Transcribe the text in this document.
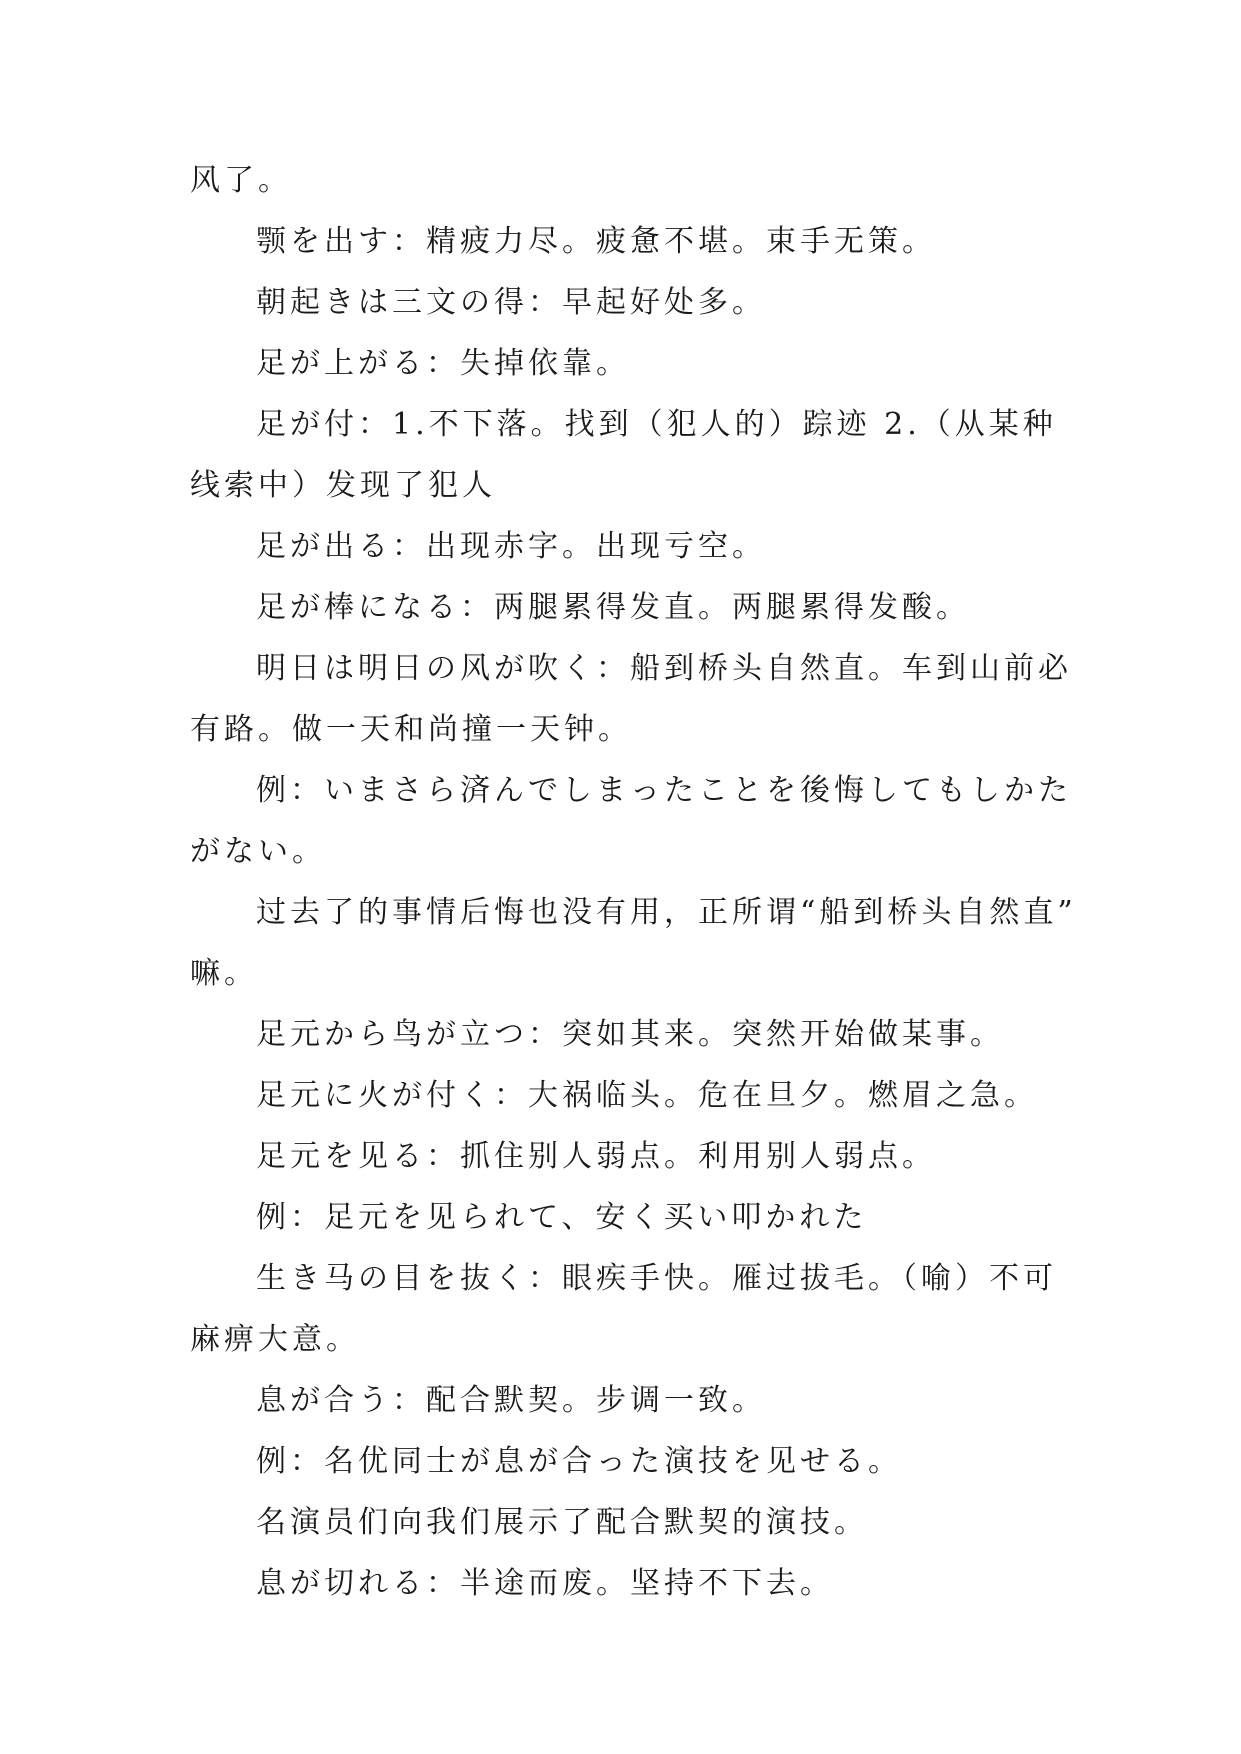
风了。

颚を出す：精疲力尽。疲惫不堪。束手无策。

朝起きは三文の得：早起好处多。

足が上がる：失掉依靠。

足が付：1.不下落。找到（犯人的）踪迹 2.（从某种

线索中）发现了犯人

足が出る：出现赤字。出现亏空。

足が棒になる：两腿累得发直。两腿累得发酸。

明日は明日の风が吹く：船到桥头自然直。车到山前必

有路。做一天和尚撞一天钟。

例：いまさら済んでしまったことを後悔してもしかた

がない。

过去了的事情后悔也没有用，正所谓“船到桥头自然直”

嘛。

足元から鸟が立つ：突如其来。突然开始做某事。

足元に火が付く：大祸临头。危在旦夕。燃眉之急。

足元を见る：抓住别人弱点。利用别人弱点。

例：足元を见られて、安く买い叩かれた

生き马の目を抜く：眼疾手快。雁过拔毛。（喻）不可

麻痹大意。

息が合う：配合默契。步调一致。

例：名优同士が息が合った演技を见せる。

名演员们向我们展示了配合默契的演技。

息が切れる：半途而废。坚持不下去。
